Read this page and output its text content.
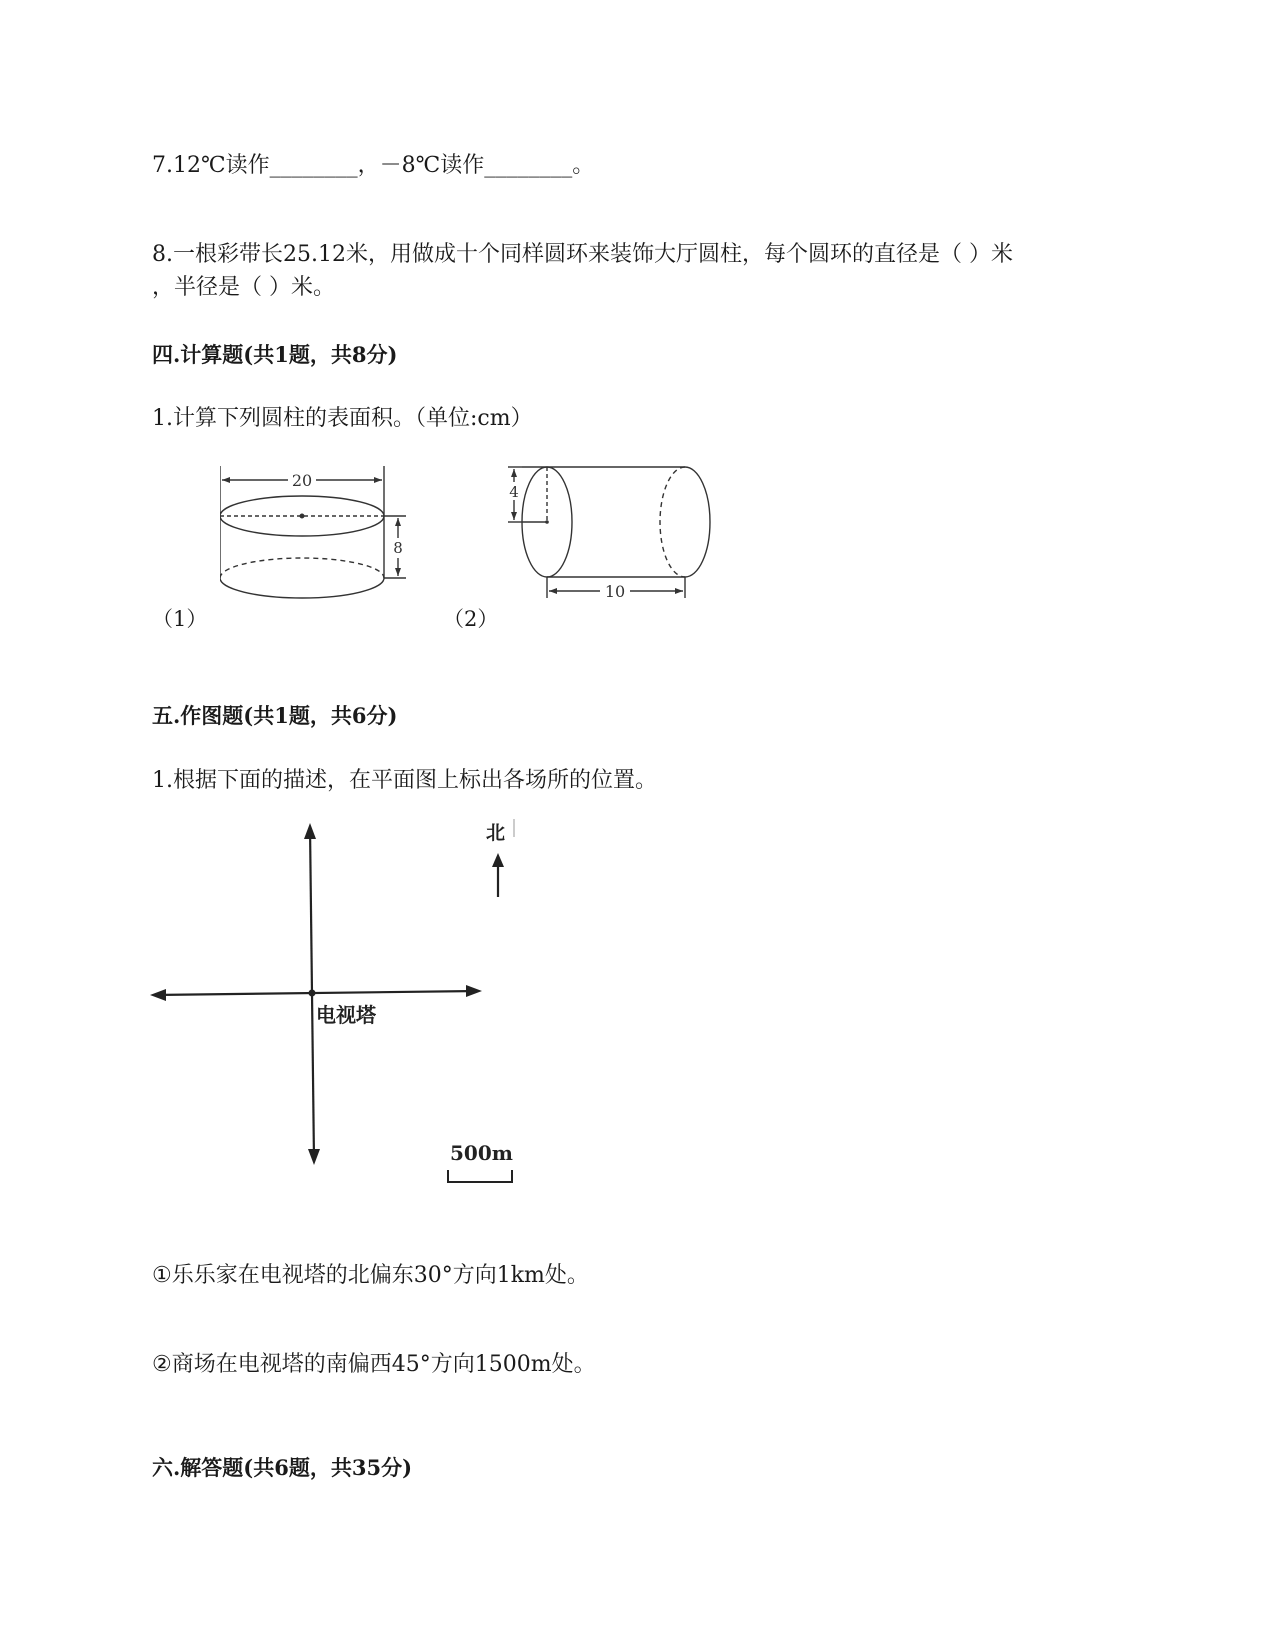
7.12℃读作________，－8℃读作________。
8.一根彩带长25.12米，用做成十个同样圆环来装饰大厅圆柱，每个圆环的直径是（ ）米
，半径是（ ）米。
四.计算题(共1题，共8分)
1.计算下列圆柱的表面积。（单位:cm）
20
8
（1）
4
10
（2）
五.作图题(共1题，共6分)
1.根据下面的描述，在平面图上标出各场所的位置。
北
电视塔
500m
①乐乐家在电视塔的北偏东30°方向1km处。
②商场在电视塔的南偏西45°方向1500m处。
六.解答题(共6题，共35分)
